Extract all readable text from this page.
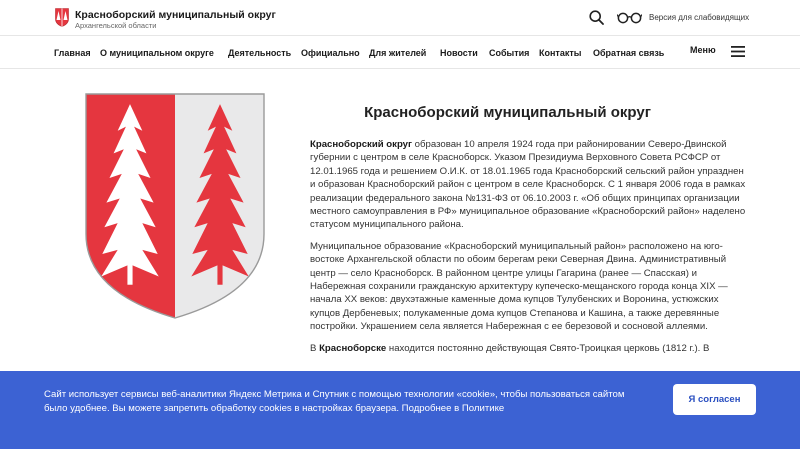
Красноборский муниципальный округ
Архангельской области
Версия для слабовидящих
Главная О муниципальном округе Деятельность Официально Для жителей Новости События Контакты Обратная связь	Меню
Красноборский муниципальный округ

Красноборский округ образован 10 апреля 1924 года при районировании Северо-Двинской губернии с центром в селе Красноборск. Указом Президиума Верховного Совета РСФСР от 12.01.1965 года и решением О.И.К. от 18.01.1965 года Красноборский сельский район упразднен и образован Красноборский район с центром в селе Красноборск. С 1 января 2006 года в рамках реализации федерального закона №131-ФЗ от 06.10.2003 г. «Об общих принципах организации местного самоуправления в РФ» муниципальное образование «Красноборский район» наделено статусом муниципального района.

Муниципальное образование «Красноборский муниципальный район» расположено на юго-востоке Архангельской области по обоим берегам реки Северная Двина. Административный центр — село Красноборск. В районном центре улицы Гагарина (ранее — Спасская) и Набережная сохранили гражданскую архитектуру купеческо-мещанского города конца XIX — начала XX веков: двухэтажные каменные дома купцов Тулубенских и Воронина, устюжских купцов Дербеневых; полукаменные дома купцов Степанова и Кашина, а также деревянные постройки. Украшением села является Набережная с ее березовой и сосновой аллеями.

В Красноборске находится постоянно действующая Свято-Троицкая церковь (1812 г.). В

Сайт использует сервисы веб-аналитики Яндекс Метрика и Спутник с помощью технологии «cookie», чтобы пользоваться сайтом было удобнее. Вы можете запретить обработку cookies в настройках браузера. Подробнее в Политике
Я согласен
